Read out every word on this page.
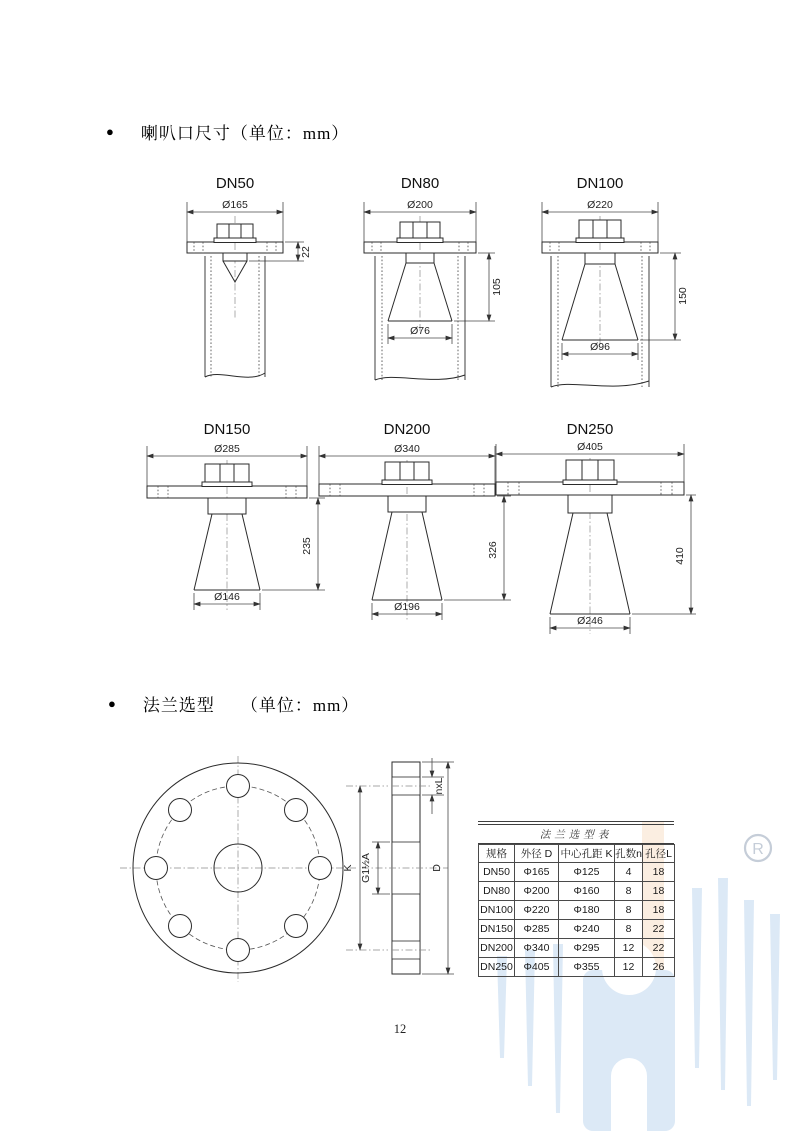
R
● 喇叭口尺寸（单位：mm）
DN50
Ø165
22
DN80
Ø200
Ø76
105
DN100
Ø220
Ø96
150
DN150
Ø285
Ø146
235
DN200
Ø340
Ø196
326
DN250
Ø405
Ø246
410
● 法兰选型 （单位：mm）
K
nxL
D
G1½A
法兰选型表
规格	外径 D	中心孔距 K	孔数n	孔径L
DN50	Φ165	Φ125	4	18
DN80	Φ200	Φ160	8	18
DN100	Φ220	Φ180	8	18
DN150	Φ285	Φ240	8	22
DN200	Φ340	Φ295	12	22
DN250	Φ405	Φ355	12	26
12
